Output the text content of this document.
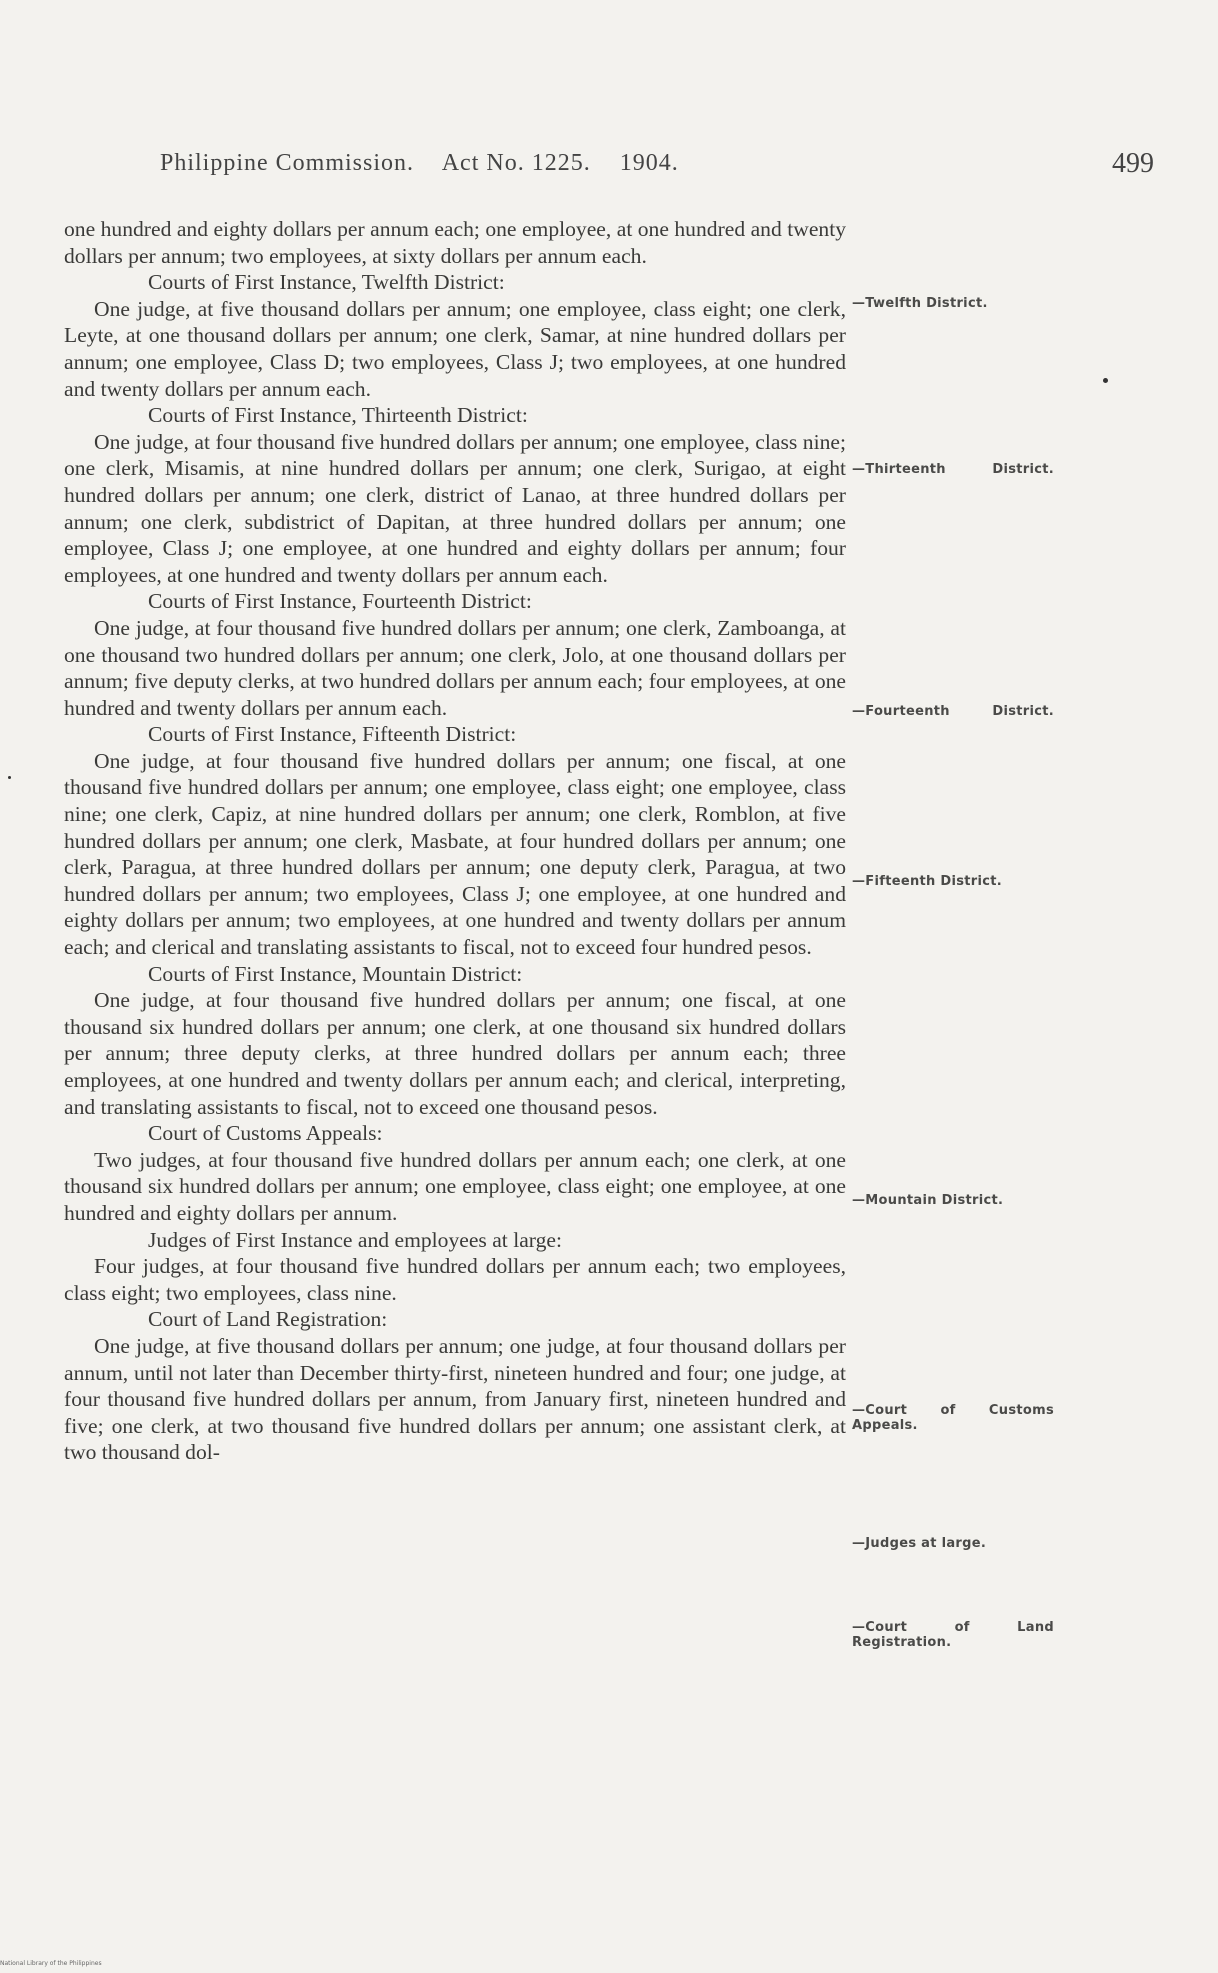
Philippine Commission. Act No. 1225. 1904.	499

one hundred and eighty dollars per annum each; one employee, at one hundred and twenty dollars per annum; two employees, at sixty dollars per annum each.

Courts of First Instance, Twelfth District:

One judge, at five thousand dollars per annum; one employee, class eight; one clerk, Leyte, at one thousand dollars per annum; one clerk, Samar, at nine hundred dollars per annum; one employee, Class D; two employees, Class J; two employees, at one hundred and twenty dollars per annum each.

Courts of First Instance, Thirteenth District:

One judge, at four thousand five hundred dollars per annum; one employee, class nine; one clerk, Misamis, at nine hundred dollars per annum; one clerk, Surigao, at eight hundred dollars per annum; one clerk, district of Lanao, at three hundred dollars per annum; one clerk, subdistrict of Dapitan, at three hundred dollars per annum; one employee, Class J; one employee, at one hundred and eighty dollars per annum; four employees, at one hundred and twenty dollars per annum each.

Courts of First Instance, Fourteenth District:

One judge, at four thousand five hundred dollars per annum; one clerk, Zamboanga, at one thousand two hundred dollars per annum; one clerk, Jolo, at one thousand dollars per annum; five deputy clerks, at two hundred dollars per annum each; four employees, at one hundred and twenty dollars per annum each.

Courts of First Instance, Fifteenth District:

One judge, at four thousand five hundred dollars per annum; one fiscal, at one thousand five hundred dollars per annum; one employee, class eight; one employee, class nine; one clerk, Capiz, at nine hundred dollars per annum; one clerk, Romblon, at five hundred dollars per annum; one clerk, Masbate, at four hundred dollars per annum; one clerk, Paragua, at three hundred dollars per annum; one deputy clerk, Paragua, at two hundred dollars per annum; two employees, Class J; one employee, at one hundred and eighty dollars per annum; two employees, at one hundred and twenty dollars per annum each; and clerical and translating assistants to fiscal, not to exceed four hundred pesos.

Courts of First Instance, Mountain District:

One judge, at four thousand five hundred dollars per annum; one fiscal, at one thousand six hundred dollars per annum; one clerk, at one thousand six hundred dollars per annum; three deputy clerks, at three hundred dollars per annum each; three employees, at one hundred and twenty dollars per annum each; and clerical, interpreting, and translating assistants to fiscal, not to exceed one thousand pesos.

Court of Customs Appeals:

Two judges, at four thousand five hundred dollars per annum each; one clerk, at one thousand six hundred dollars per annum; one employee, class eight; one employee, at one hundred and eighty dollars per annum.

Judges of First Instance and employees at large:

Four judges, at four thousand five hundred dollars per annum each; two employees, class eight; two employees, class nine.

Court of Land Registration:

One judge, at five thousand dollars per annum; one judge, at four thousand dollars per annum, until not later than December thirty-first, nineteen hundred and four; one judge, at four thousand five hundred dollars per annum, from January first, nineteen hundred and five; one clerk, at two thousand five hundred dollars per annum; one assistant clerk, at two thousand dol-

—Twelfth District.
—Thirteenth District.
—Fourteenth District.
—Fifteenth District.
—Mountain District.
—Court of Customs Appeals.
—Judges at large.
—Court of Land Registration.
National Library of the Philippines
